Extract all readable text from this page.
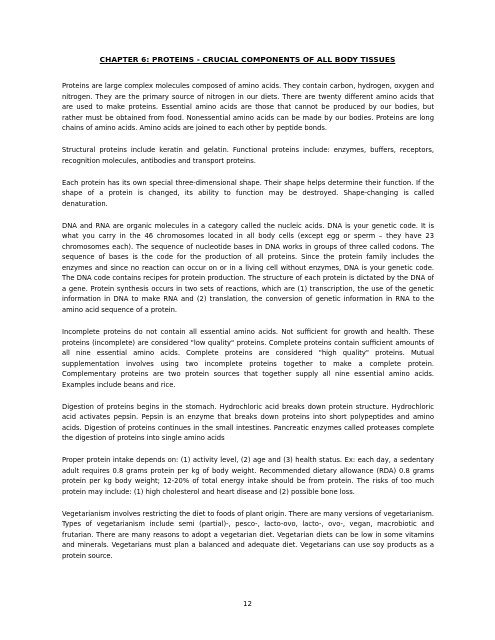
CHAPTER 6: PROTEINS - CRUCIAL COMPONENTS OF ALL BODY TISSUES

Proteins are large complex molecules composed of amino acids. They contain carbon, hydrogen, oxygen and nitrogen. They are the primary source of nitrogen in our diets. There are twenty different amino acids that are used to make proteins. Essential amino acids are those that cannot be produced by our bodies, but rather must be obtained from food. Nonessential amino acids can be made by our bodies. Proteins are long chains of amino acids. Amino acids are joined to each other by peptide bonds.

Structural proteins include keratin and gelatin. Functional proteins include: enzymes, buffers, receptors, recognition molecules, antibodies and transport proteins.

Each protein has its own special three-dimensional shape. Their shape helps determine their function. If the shape of a protein is changed, its ability to function may be destroyed. Shape-changing is called denaturation.

DNA and RNA are organic molecules in a category called the nucleic acids. DNA is your genetic code. It is what you carry in the 46 chromosomes located in all body cells (except egg or sperm – they have 23 chromosomes each). The sequence of nucleotide bases in DNA works in groups of three called codons. The sequence of bases is the code for the production of all proteins. Since the protein family includes the enzymes and since no reaction can occur on or in a living cell without enzymes, DNA is your genetic code. The DNA code contains recipes for protein production. The structure of each protein is dictated by the DNA of a gene. Protein synthesis occurs in two sets of reactions, which are (1) transcription, the use of the genetic information in DNA to make RNA and (2) translation, the conversion of genetic information in RNA to the amino acid sequence of a protein.

Incomplete proteins do not contain all essential amino acids. Not sufficient for growth and health. These proteins (incomplete) are considered "low quality" proteins. Complete proteins contain sufficient amounts of all nine essential amino acids. Complete proteins are considered "high quality" proteins. Mutual supplementation involves using two incomplete proteins together to make a complete protein. Complementary proteins are two protein sources that together supply all nine essential amino acids. Examples include beans and rice.

Digestion of proteins begins in the stomach. Hydrochloric acid breaks down protein structure. Hydrochloric acid activates pepsin. Pepsin is an enzyme that breaks down proteins into short polypeptides and amino acids. Digestion of proteins continues in the small intestines. Pancreatic enzymes called proteases complete the digestion of proteins into single amino acids

Proper protein intake depends on: (1) activity level, (2) age and (3) health status. Ex: each day, a sedentary adult requires 0.8 grams protein per kg of body weight. Recommended dietary allowance (RDA) 0.8 grams protein per kg body weight; 12-20% of total energy intake should be from protein. The risks of too much protein may include: (1) high cholesterol and heart disease and (2) possible bone loss.

Vegetarianism involves restricting the diet to foods of plant origin. There are many versions of vegetarianism. Types of vegetarianism include semi (partial)-, pesco-, lacto-ovo, lacto-, ovo-, vegan, macrobiotic and frutarian. There are many reasons to adopt a vegetarian diet. Vegetarian diets can be low in some vitamins and minerals. Vegetarians must plan a balanced and adequate diet. Vegetarians can use soy products as a protein source.

12
